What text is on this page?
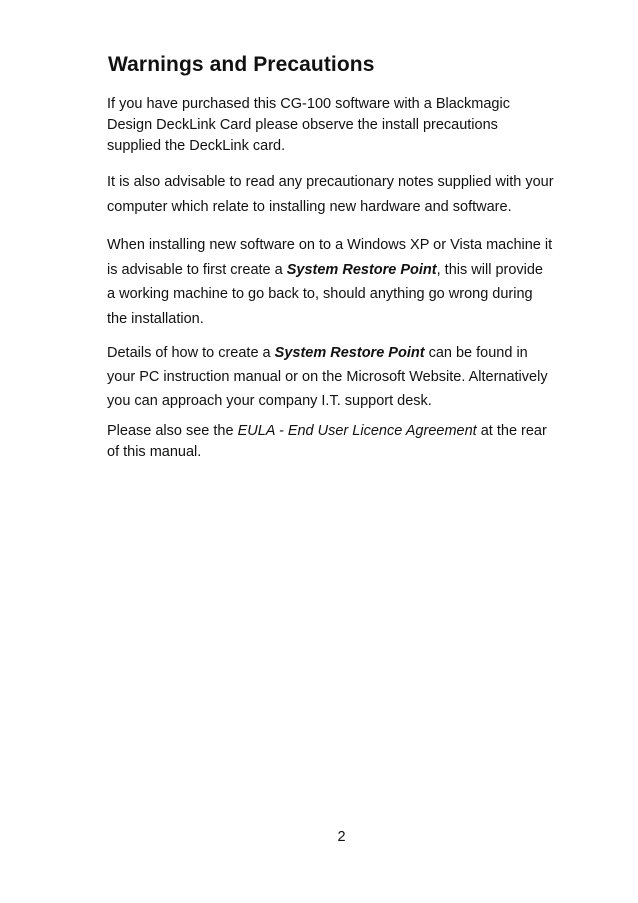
Warnings and Precautions

If you have purchased this CG-100 software with a Blackmagic
Design DeckLink Card please observe the install precautions
supplied the DeckLink card.

It is also advisable to read any precautionary notes supplied with your
computer which relate to installing new hardware and software.

When installing new software on to a Windows XP or Vista machine it
is advisable to first create a System Restore Point, this will provide
a working machine to go back to, should anything go wrong during
the installation.

Details of how to create a System Restore Point can be found in
your PC instruction manual or on the Microsoft Website. Alternatively
you can approach your company I.T. support desk.

Please also see the EULA - End User Licence Agreement at the rear
of this manual.

2
